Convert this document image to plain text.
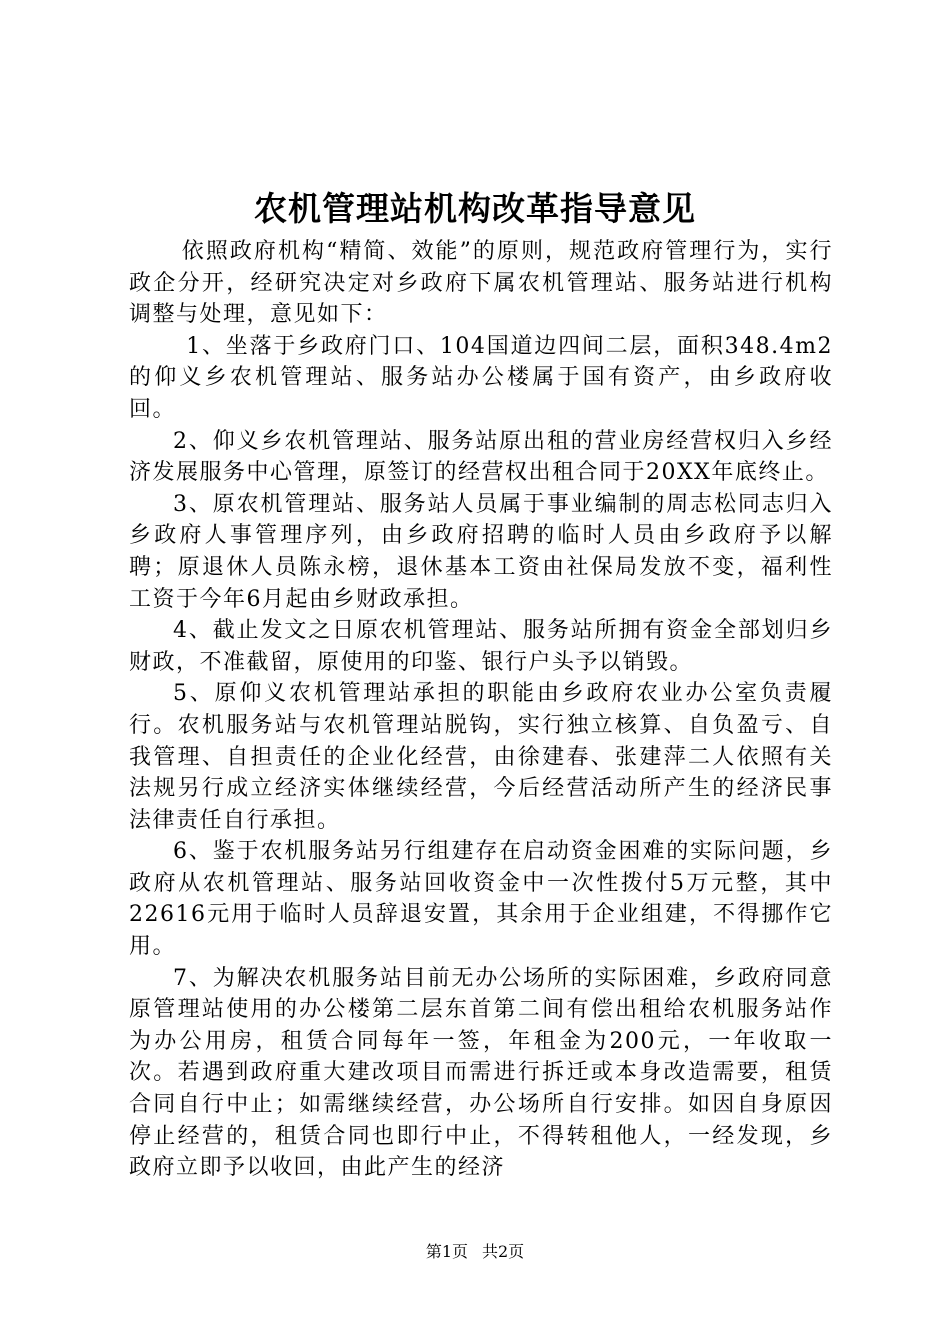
农机管理站机构改革指导意见

依照政府机构“精简、效能”的原则，规范政府管理行为，实行政企分开，经研究决定对乡政府下属农机管理站、服务站进行机构调整与处理，意见如下：

1、坐落于乡政府门口、104国道边四间二层，面积348.4m2的仰义乡农机管理站、服务站办公楼属于国有资产，由乡政府收回。

2、仰义乡农机管理站、服务站原出租的营业房经营权归入乡经济发展服务中心管理，原签订的经营权出租合同于20XX年底终止。

3、原农机管理站、服务站人员属于事业编制的周志松同志归入乡政府人事管理序列，由乡政府招聘的临时人员由乡政府予以解聘；原退休人员陈永榜，退休基本工资由社保局发放不变，福利性工资于今年6月起由乡财政承担。

4、截止发文之日原农机管理站、服务站所拥有资金全部划归乡财政，不准截留，原使用的印鉴、银行户头予以销毁。

5、原仰义农机管理站承担的职能由乡政府农业办公室负责履行。农机服务站与农机管理站脱钩，实行独立核算、自负盈亏、自我管理、自担责任的企业化经营，由徐建春、张建萍二人依照有关法规另行成立经济实体继续经营，今后经营活动所产生的经济民事法律责任自行承担。

6、鉴于农机服务站另行组建存在启动资金困难的实际问题，乡政府从农机管理站、服务站回收资金中一次性拨付5万元整，其中22616元用于临时人员辞退安置，其余用于企业组建，不得挪作它用。

7、为解决农机服务站目前无办公场所的实际困难，乡政府同意原管理站使用的办公楼第二层东首第二间有偿出租给农机服务站作为办公用房，租赁合同每年一签，年租金为200元，一年收取一次。若遇到政府重大建改项目而需进行拆迁或本身改造需要，租赁合同自行中止；如需继续经营，办公场所自行安排。如因自身原因停止经营的，租赁合同也即行中止，不得转租他人，一经发现，乡政府立即予以收回，由此产生的经济

第1页 共2页
